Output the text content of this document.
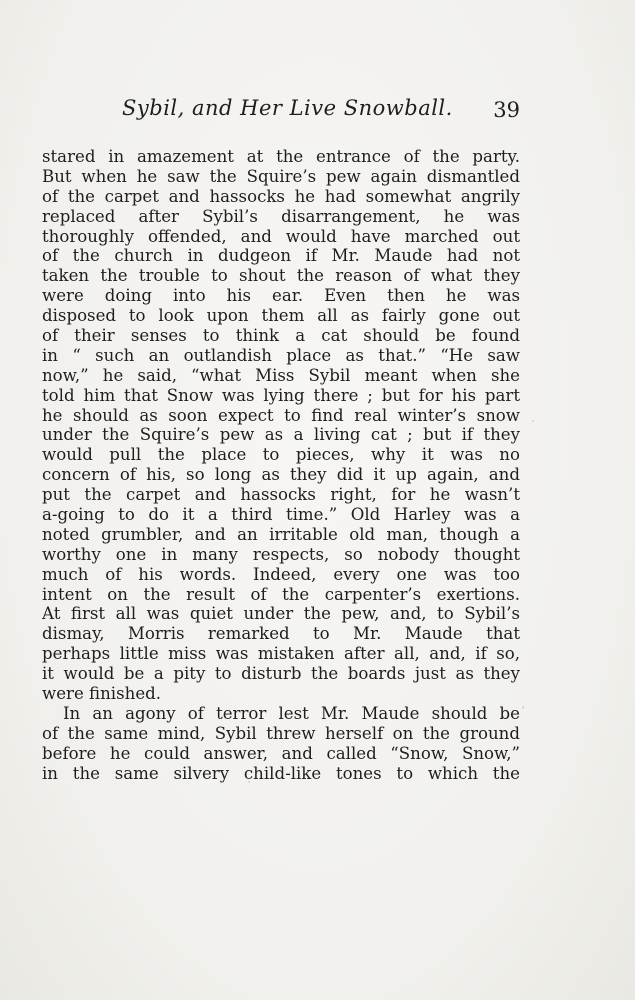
Sybil, and Her Live Snowball. 39
stared in amazement at the entrance of the party.
But when he saw the Squire’s pew again dismantled
of the carpet and hassocks he had somewhat angrily
replaced after Sybil’s disarrangement, he was
thoroughly offended, and would have marched out
of the church in dudgeon if Mr. Maude had not
taken the trouble to shout the reason of what they
were doing into his ear. Even then he was
disposed to look upon them all as fairly gone out
of their senses to think a cat should be found
in “ such an outlandish place as that.” “He saw
now,” he said, “what Miss Sybil meant when she
told him that Snow was lying there ; but for his part
he should as soon expect to find real winter’s snow
under the Squire’s pew as a living cat ; but if they
would pull the place to pieces, why it was no
concern of his, so long as they did it up again, and
put the carpet and hassocks right, for he wasn’t
a-going to do it a third time.” Old Harley was a
noted grumbler, and an irritable old man, though a
worthy one in many respects, so nobody thought
much of his words. Indeed, every one was too
intent on the result of the carpenter’s exertions.
At first all was quiet under the pew, and, to Sybil’s
dismay, Morris remarked to Mr. Maude that
perhaps little miss was mistaken after all, and, if so,
it would be a pity to disturb the boards just as they
were finished.
In an agony of terror lest Mr. Maude should be
of the same mind, Sybil threw herself on the ground
before he could answer, and called “Snow, Snow,”
in the same silvery child-like tones to which the
